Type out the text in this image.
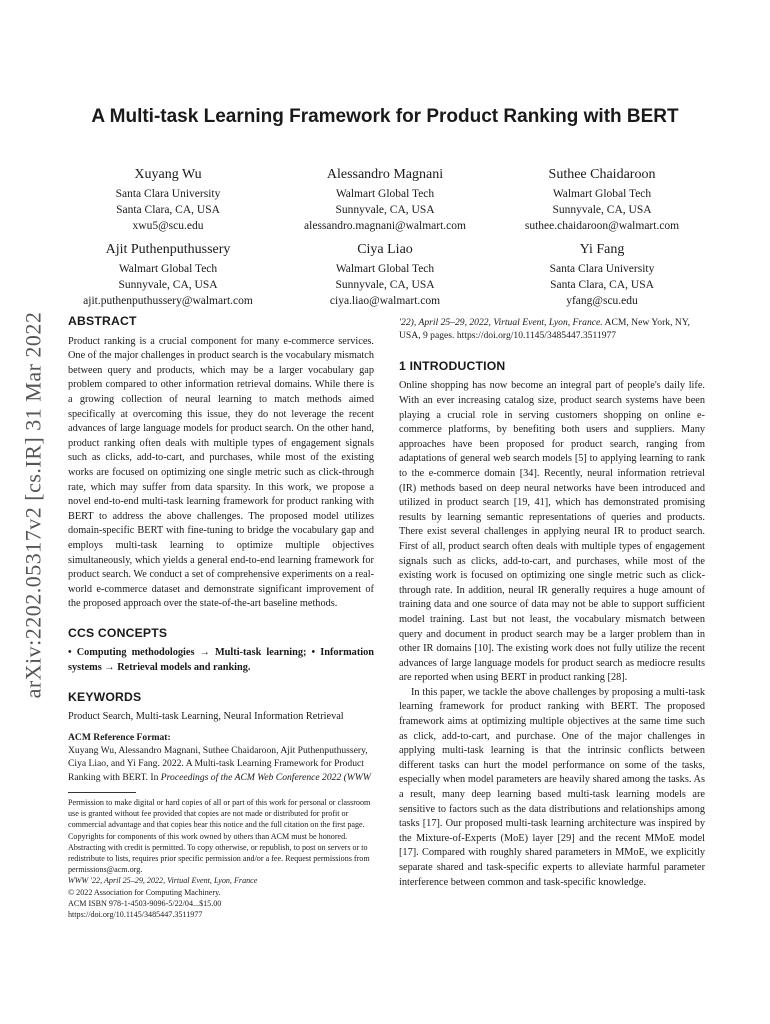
arXiv:2202.05317v2 [cs.IR] 31 Mar 2022
A Multi-task Learning Framework for Product Ranking with BERT
Xuyang Wu
Santa Clara University
Santa Clara, CA, USA
xwu5@scu.edu
Alessandro Magnani
Walmart Global Tech
Sunnyvale, CA, USA
alessandro.magnani@walmart.com
Suthee Chaidaroon
Walmart Global Tech
Sunnyvale, CA, USA
suthee.chaidaroon@walmart.com
Ajit Puthenputhussery
Walmart Global Tech
Sunnyvale, CA, USA
ajit.puthenputhussery@walmart.com
Ciya Liao
Walmart Global Tech
Sunnyvale, CA, USA
ciya.liao@walmart.com
Yi Fang
Santa Clara University
Santa Clara, CA, USA
yfang@scu.edu
ABSTRACT

Product ranking is a crucial component for many e-commerce services. One of the major challenges in product search is the vocabulary mismatch between query and products, which may be a larger vocabulary gap problem compared to other information retrieval domains. While there is a growing collection of neural learning to match methods aimed specifically at overcoming this issue, they do not leverage the recent advances of large language models for product search. On the other hand, product ranking often deals with multiple types of engagement signals such as clicks, add-to-cart, and purchases, while most of the existing works are focused on optimizing one single metric such as click-through rate, which may suffer from data sparsity. In this work, we propose a novel end-to-end multi-task learning framework for product ranking with BERT to address the above challenges. The proposed model utilizes domain-specific BERT with fine-tuning to bridge the vocabulary gap and employs multi-task learning to optimize multiple objectives simultaneously, which yields a general end-to-end learning framework for product search. We conduct a set of comprehensive experiments on a real-world e-commerce dataset and demonstrate significant improvement of the proposed approach over the state-of-the-art baseline methods.

CCS CONCEPTS

• Computing methodologies → Multi-task learning; • Information systems → Retrieval models and ranking.

KEYWORDS

Product Search, Multi-task Learning, Neural Information Retrieval

ACM Reference Format:

Xuyang Wu, Alessandro Magnani, Suthee Chaidaroon, Ajit Puthenputhussery, Ciya Liao, and Yi Fang. 2022. A Multi-task Learning Framework for Product Ranking with BERT. In Proceedings of the ACM Web Conference 2022 (WWW

Permission to make digital or hard copies of all or part of this work for personal or classroom use is granted without fee provided that copies are not made or distributed for profit or commercial advantage and that copies bear this notice and the full citation on the first page. Copyrights for components of this work owned by others than ACM must be honored. Abstracting with credit is permitted. To copy otherwise, or republish, to post on servers or to redistribute to lists, requires prior specific permission and/or a fee. Request permissions from permissions@acm.org.

WWW '22, April 25–29, 2022, Virtual Event, Lyon, France

© 2022 Association for Computing Machinery.

ACM ISBN 978-1-4503-9096-5/22/04...$15.00

https://doi.org/10.1145/3485447.3511977

'22), April 25–29, 2022, Virtual Event, Lyon, France. ACM, New York, NY, USA, 9 pages. https://doi.org/10.1145/3485447.3511977

1 INTRODUCTION

Online shopping has now become an integral part of people's daily life. With an ever increasing catalog size, product search systems have been playing a crucial role in serving customers shopping on online e-commerce platforms, by benefiting both users and suppliers. Many approaches have been proposed for product search, ranging from adaptations of general web search models [5] to applying learning to rank to the e-commerce domain [34]. Recently, neural information retrieval (IR) methods based on deep neural networks have been introduced and utilized in product search [19, 41], which has demonstrated promising results by learning semantic representations of queries and products. There exist several challenges in applying neural IR to product search. First of all, product search often deals with multiple types of engagement signals such as clicks, add-to-cart, and purchases, while most of the existing work is focused on optimizing one single metric such as click-through rate. In addition, neural IR generally requires a huge amount of training data and one source of data may not be able to support sufficient model training. Last but not least, the vocabulary mismatch between query and document in product search may be a larger problem than in other IR domains [10]. The existing work does not fully utilize the recent advances of large language models for product search as mediocre results are reported when using BERT in product ranking [28].

In this paper, we tackle the above challenges by proposing a multi-task learning framework for product ranking with BERT. The proposed framework aims at optimizing multiple objectives at the same time such as click, add-to-cart, and purchase. One of the major challenges in applying multi-task learning is that the intrinsic conflicts between different tasks can hurt the model performance on some of the tasks, especially when model parameters are heavily shared among the tasks. As a result, many deep learning based multi-task learning models are sensitive to factors such as the data distributions and relationships among tasks [17]. Our proposed multi-task learning architecture was inspired by the Mixture-of-Experts (MoE) layer [29] and the recent MMoE model [17]. Compared with roughly shared parameters in MMoE, we explicitly separate shared and task-specific experts to alleviate harmful parameter interference between common and task-specific knowledge.
